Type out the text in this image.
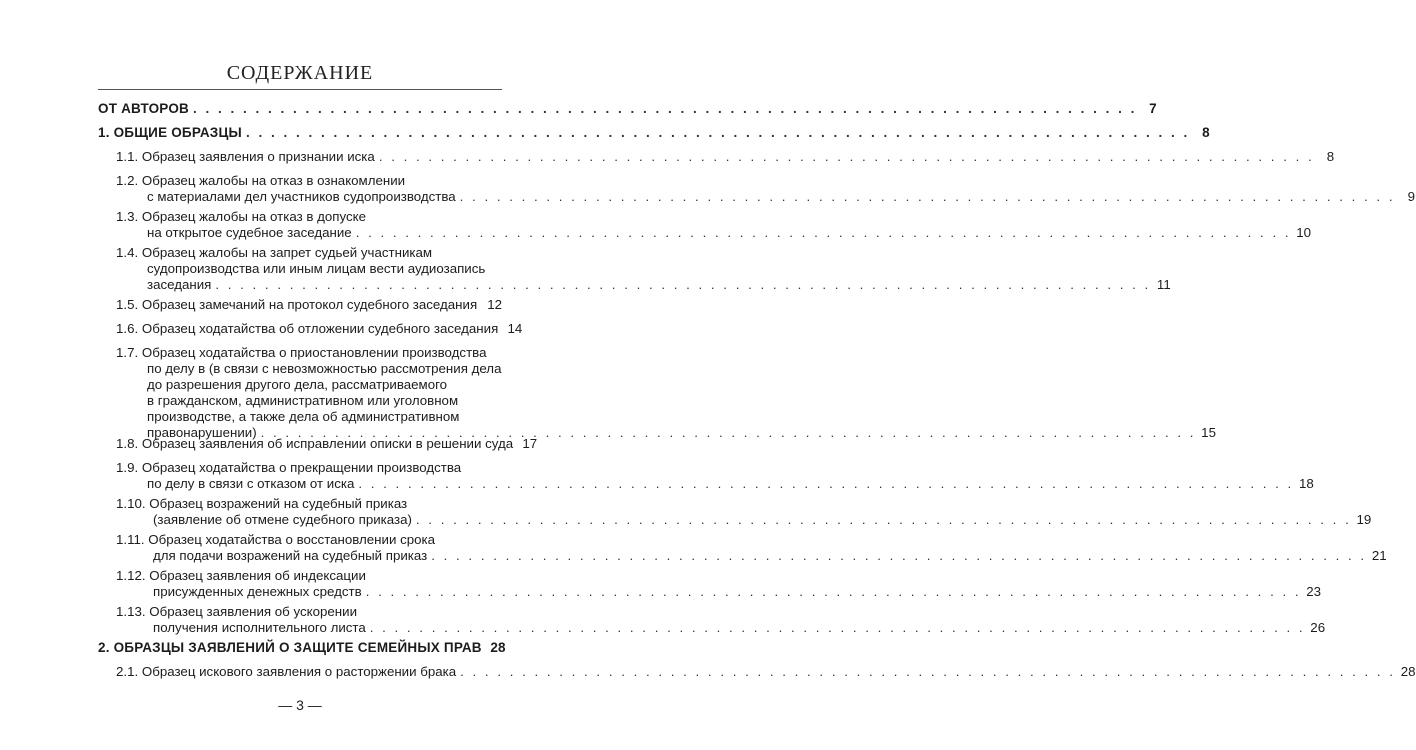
СОДЕРЖАНИЕ
ОТ АВТОРОВ . . . . . . . . . . . . . . . . . . . . . . . . . . . . . . . . . . . . . . . . . . . . . . . . . . . . . . . . . . . . . . . . . . . . . . . . . . . . 7
1. ОБЩИЕ ОБРАЗЦЫ . . . . . . . . . . . . . . . . . . . . . . . . . . . . . . . . . . . . . . . . . . . . . . . . . . . . . . . . . . . . . . . . . . . . . . . . . . . . 8
1.1. Образец заявления о признании иска . . . . . . . . . . . . . . . . . . . . . . . . . . . . . . . . . . . . . . . . . . . . . . . . . . . . . . . . . . . . . . . . . . . . . . . . . . . . 8
1.2. Образец жалобы на отказ в ознакомлении
с материалами дел участников судопроизводства . . . . . . . . . . . . . . . . . . . . . . . . . . . . . . . . . . . . . . . . . . . . . . . . . . . . . . . . . . . . . . . . . . . . . . . . . . . . 9
1.3. Образец жалобы на отказ в допуске
на открытое судебное заседание . . . . . . . . . . . . . . . . . . . . . . . . . . . . . . . . . . . . . . . . . . . . . . . . . . . . . . . . . . . . . . . . . . . . . . . . . . . . 10
1.4. Образец жалобы на запрет судьей участникам
судопроизводства или иным лицам вести аудиозапись
заседания . . . . . . . . . . . . . . . . . . . . . . . . . . . . . . . . . . . . . . . . . . . . . . . . . . . . . . . . . . . . . . . . . . . . . . . . . . . . 11
1.5. Образец замечаний на протокол судебного заседания 12
1.6. Образец ходатайства об отложении судебного заседания 14
1.7. Образец ходатайства о приостановлении производства
по делу в (в связи с невозможностью рассмотрения дела
до разрешения другого дела, рассматриваемого
в гражданском, административном или уголовном
производстве, а также дела об административном
правонарушении) . . . . . . . . . . . . . . . . . . . . . . . . . . . . . . . . . . . . . . . . . . . . . . . . . . . . . . . . . . . . . . . . . . . . . . . . . . . . 15
1.8. Образец заявления об исправлении описки в решении суда 17
1.9. Образец ходатайства о прекращении производства
по делу в связи с отказом от иска . . . . . . . . . . . . . . . . . . . . . . . . . . . . . . . . . . . . . . . . . . . . . . . . . . . . . . . . . . . . . . . . . . . . . . . . . . . . 18
1.10. Образец возражений на судебный приказ
(заявление об отмене судебного приказа) . . . . . . . . . . . . . . . . . . . . . . . . . . . . . . . . . . . . . . . . . . . . . . . . . . . . . . . . . . . . . . . . . . . . . . . . . . . . 19
1.11. Образец ходатайства о восстановлении срока
для подачи возражений на судебный приказ . . . . . . . . . . . . . . . . . . . . . . . . . . . . . . . . . . . . . . . . . . . . . . . . . . . . . . . . . . . . . . . . . . . . . . . . . . . . 21
1.12. Образец заявления об индексации
присужденных денежных средств . . . . . . . . . . . . . . . . . . . . . . . . . . . . . . . . . . . . . . . . . . . . . . . . . . . . . . . . . . . . . . . . . . . . . . . . . . . . 23
1.13. Образец заявления об ускорении
получения исполнительного листа . . . . . . . . . . . . . . . . . . . . . . . . . . . . . . . . . . . . . . . . . . . . . . . . . . . . . . . . . . . . . . . . . . . . . . . . . . . . 26
2. ОБРАЗЦЫ ЗАЯВЛЕНИЙ О ЗАЩИТЕ СЕМЕЙНЫХ ПРАВ 28
2.1. Образец искового заявления о расторжении брака . . . . . . . . . . . . . . . . . . . . . . . . . . . . . . . . . . . . . . . . . . . . . . . . . . . . . . . . . . . . . . . . . . . . . . . . . . . . 28
— 3 —
